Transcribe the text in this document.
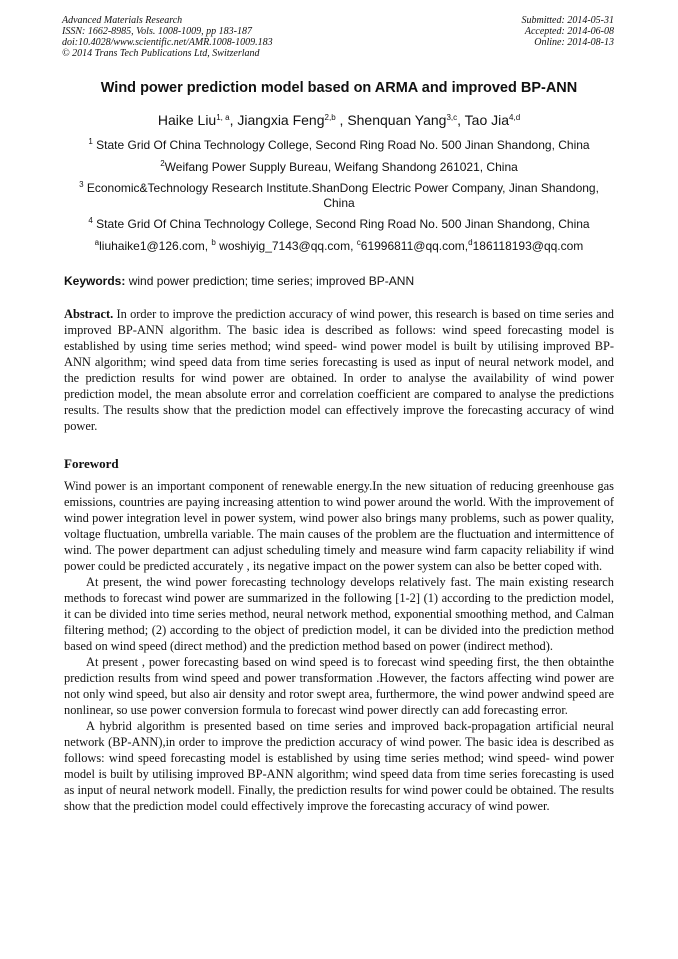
Advanced Materials Research
ISSN: 1662-8985, Vols. 1008-1009, pp 183-187
doi:10.4028/www.scientific.net/AMR.1008-1009.183
© 2014 Trans Tech Publications Ltd, Switzerland
Submitted: 2014-05-31
Accepted: 2014-06-08
Online: 2014-08-13
Wind power prediction model based on ARMA and improved BP-ANN
Haike Liu$^{1, a}$, Jiangxia Feng$^{2,b}$ , Shenquan Yang$^{3,c}$, Tao Jia$^{4,d}$
$^1$ State Grid Of China Technology College, Second Ring Road No. 500 Jinan Shandong, China
$^2$Weifang Power Supply Bureau, Weifang Shandong 261021, China
$^3$ Economic&Technology Research Institute.ShanDong Electric Power Company, Jinan Shandong, China
$^4$ State Grid Of China Technology College, Second Ring Road No. 500 Jinan Shandong, China
$^a$liuhaike1@126.com, $^b$ woshiyig_7143@qq.com, $^c$61996811@qq.com,$^d$186118193@qq.com
Keywords: wind power prediction; time series; improved BP-ANN

Abstract. In order to improve the prediction accuracy of wind power, this research is based on time series and improved BP-ANN algorithm. The basic idea is described as follows: wind speed forecasting model is established by using time series method; wind speed- wind power model is built by utilising improved BP-ANN algorithm; wind speed data from time series forecasting is used as input of neural network model, and the prediction results for wind power are obtained. In order to analyse the availability of wind power prediction model, the mean absolute error and correlation coefficient are compared to analyse the predictions results. The results show that the prediction model can effectively improve the forecasting accuracy of wind power.

Foreword

Wind power is an important component of renewable energy.In the new situation of reducing greenhouse gas emissions, countries are paying increasing attention to wind power around the world. With the improvement of wind power integration level in power system, wind power also brings many problems, such as power quality, voltage fluctuation, umbrella variable. The main causes of the problem are the fluctuation and intermittence of wind. The power department can adjust scheduling timely and measure wind farm capacity reliability if wind power could be predicted accurately , its negative impact on the power system can also be better coped with.

At present, the wind power forecasting technology develops relatively fast. The main existing research methods to forecast wind power are summarized in the following [1-2] (1) according to the prediction model, it can be divided into time series method, neural network method, exponential smoothing method, and Calman filtering method; (2) according to the object of prediction model, it can be divided into the prediction method based on wind speed (direct method) and the prediction method based on power (indirect method).

At present , power forecasting based on wind speed is to forecast wind speeding first, the then obtainthe prediction results from wind speed and power transformation .However, the factors affecting wind power are not only wind speed, but also air density and rotor swept area, furthermore, the wind power andwind speed are nonlinear, so use power conversion formula to forecast wind power directly can add forecasting error.

A hybrid algorithm is presented based on time series and improved back-propagation artificial neural network (BP-ANN),in order to improve the prediction accuracy of wind power. The basic idea is described as follows: wind speed forecasting model is established by using time series method; wind speed- wind power model is built by utilising improved BP-ANN algorithm; wind speed data from time series forecasting is used as input of neural network modell. Finally, the prediction results for wind power could be obtained. The results show that the prediction model could effectively improve the forecasting accuracy of wind power.
